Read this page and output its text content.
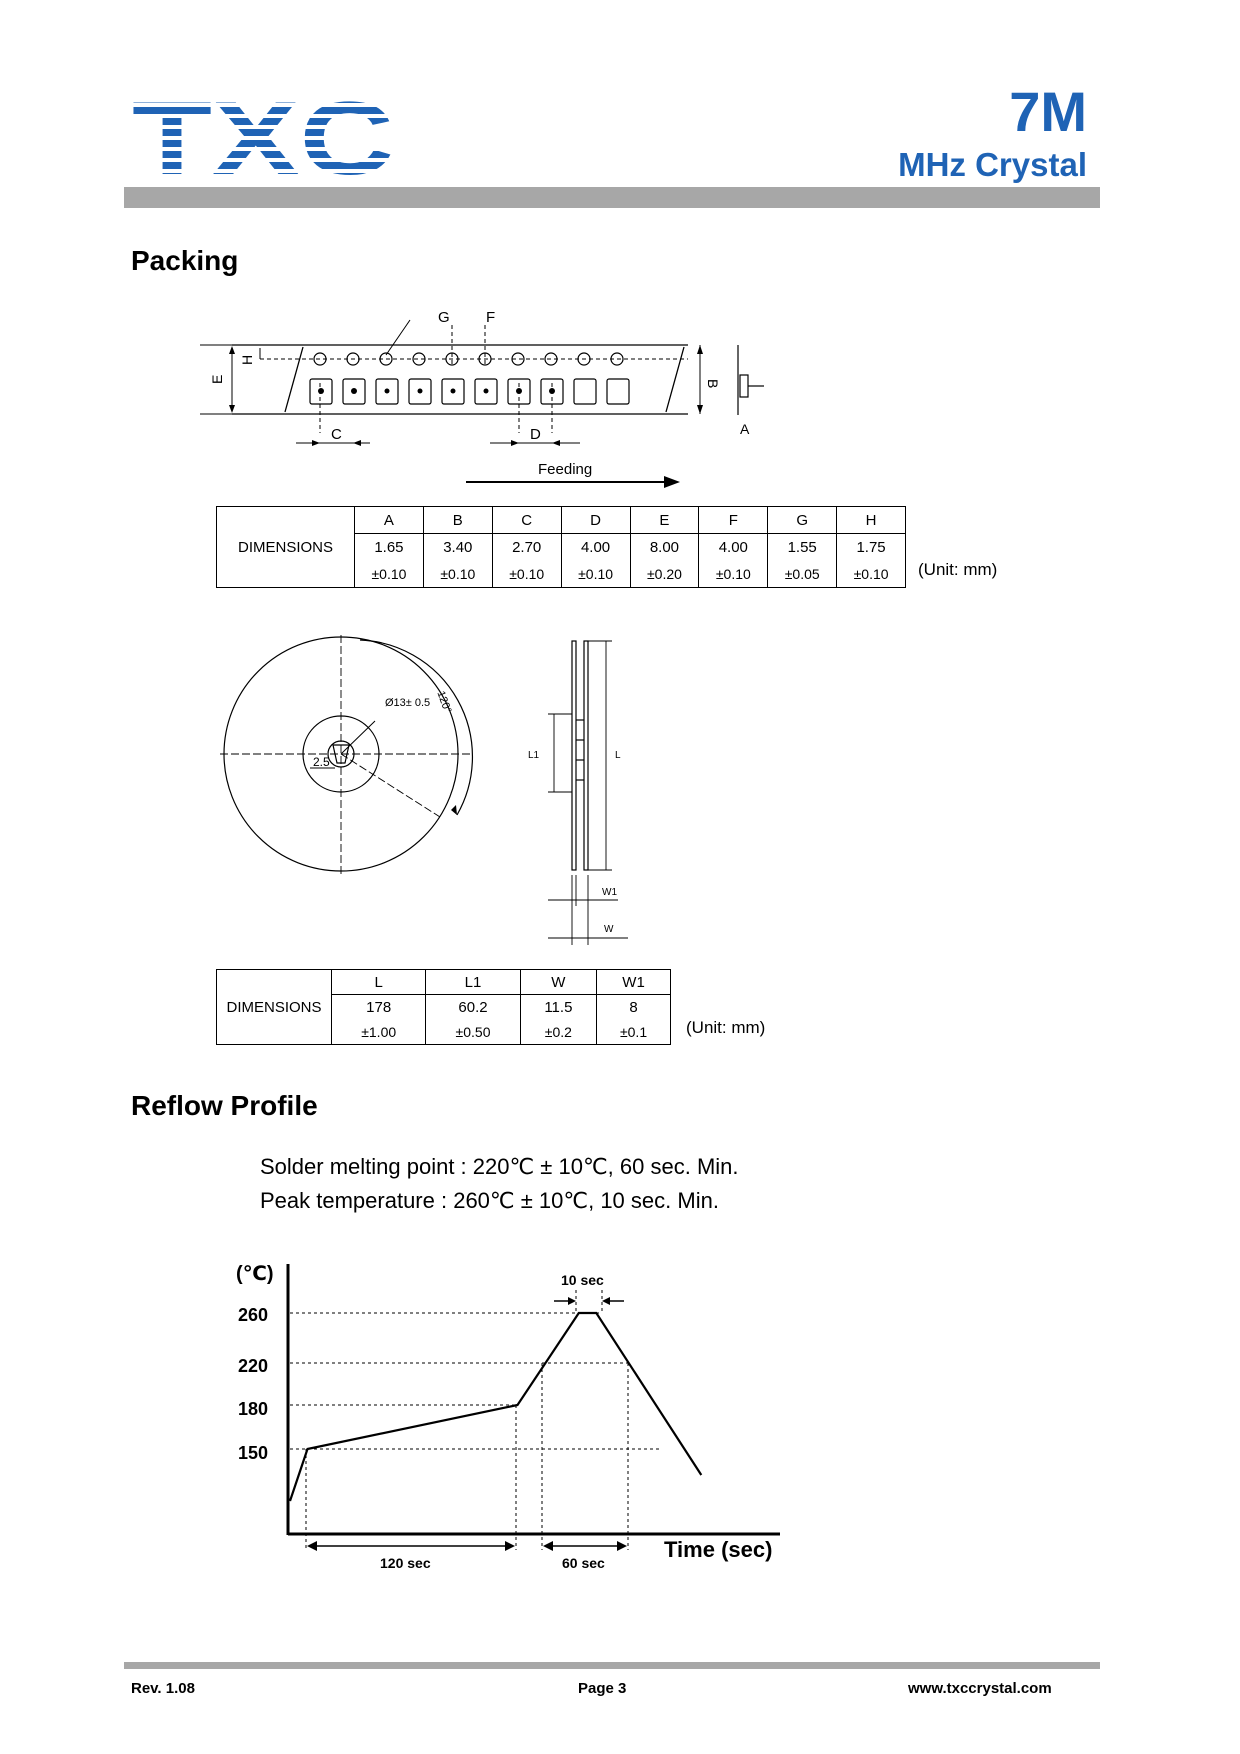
TXC	7M
MHz Crystal
Packing
E
H
G F
B
A
C	D
Feeding
DIMENSIONS	A	B	C	D	E	F	G	H
	1.65	3.40	2.70	4.00	8.00	4.00	1.55	1.75
	±0.10	±0.10	±0.10	±0.10	±0.20	±0.10	±0.05	±0.10 (Unit: mm)
Ø13± 0.5 120°
2.5	L1	L
W1
W
DIMENSIONS	L	L1	W	W1
	178	60.2	11.5	8
	±1.00	±0.50	±0.2	±0.1 (Unit: mm)
Reflow Profile
Solder melting point : 220℃ ± 10℃, 60 sec. Min.
Peak temperature : 260℃ ± 10℃, 10 sec. Min.
(℃)
260
220
180
150
10 sec
120 sec	60 sec
Time (sec)
Rev. 1.08	Page 3	www.txccrystal.com
